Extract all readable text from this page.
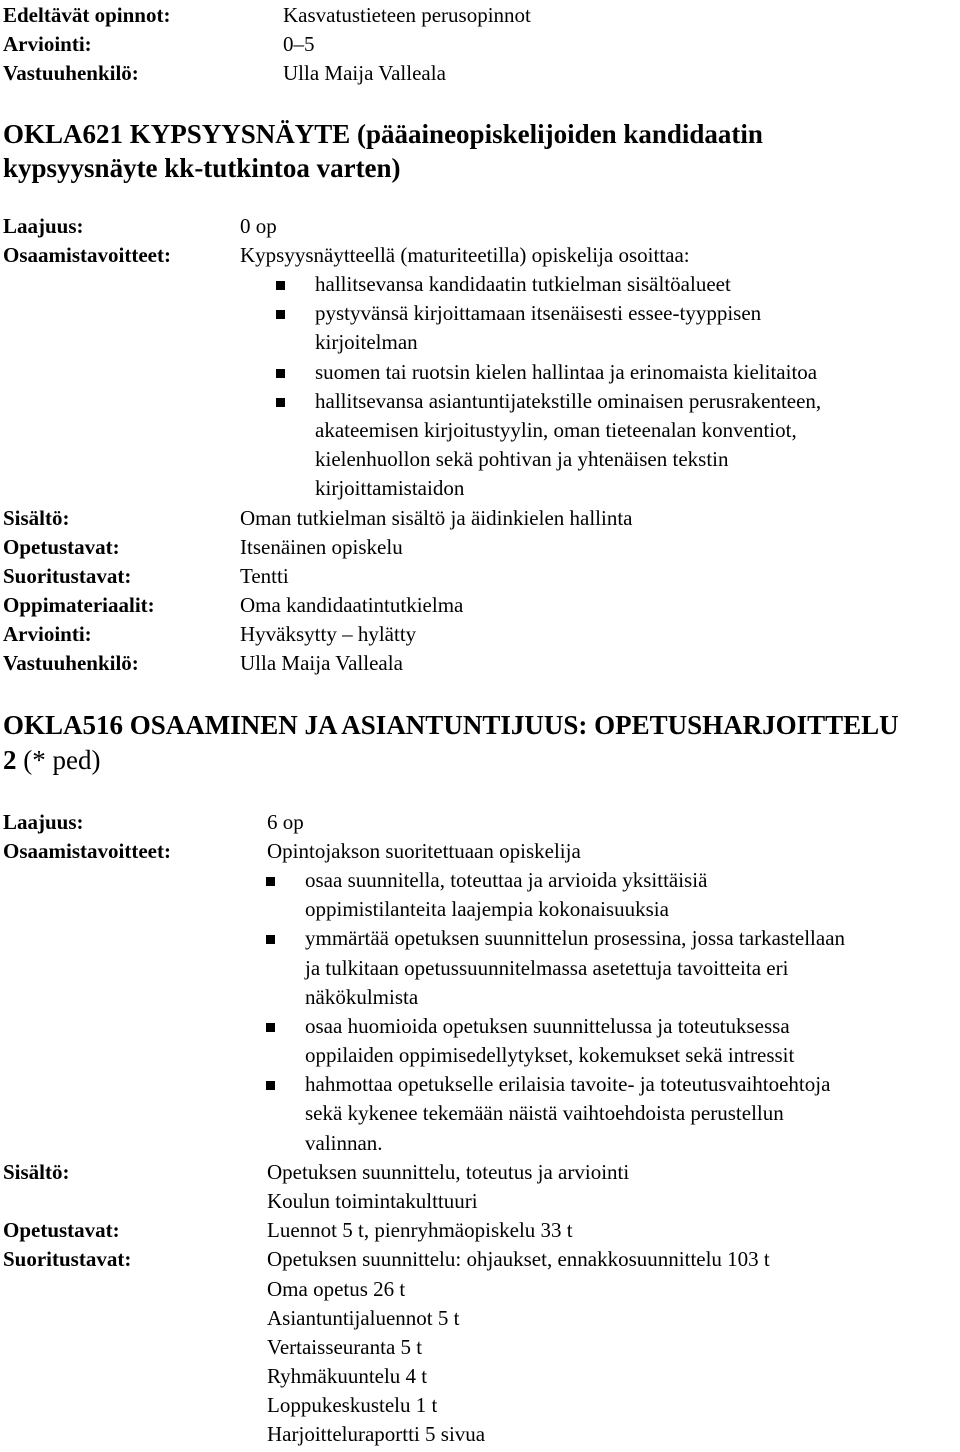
Edeltävät opinnot:	Kasvatustieteen perusopinnot
Arviointi:	0–5
Vastuuhenkilö:	Ulla Maija Valleala
OKLA621 KYPSYYSNÄYTE (pääaineopiskelijoiden kandidaatin
kypsyysnäyte kk-tutkintoa varten)
Laajuus:	0 op
Osaamistavoitteet:	Kypsyysnäytteellä (maturiteetilla) opiskelija osoittaa:
hallitsevansa kandidaatin tutkielman sisältöalueet
pystyvänsä kirjoittamaan itsenäisesti essee-tyyppisen
kirjoitelman
suomen tai ruotsin kielen hallintaa ja erinomaista kielitaitoa
hallitsevansa asiantuntijatekstille ominaisen perusrakenteen,
akateemisen kirjoitustyylin, oman tieteenalan konventiot,
kielenhuollon sekä pohtivan ja yhtenäisen tekstin
kirjoittamistaidon
Sisältö:	Oman tutkielman sisältö ja äidinkielen hallinta
Opetustavat:	Itsenäinen opiskelu
Suoritustavat:	Tentti
Oppimateriaalit:	Oma kandidaatintutkielma
Arviointi:	Hyväksytty – hylätty
Vastuuhenkilö:	Ulla Maija Valleala
OKLA516 OSAAMINEN JA ASIANTUNTIJUUS: OPETUSHARJOITTELU
2 (* ped)
Laajuus:	6 op
Osaamistavoitteet:	Opintojakson suoritettuaan opiskelija
osaa suunnitella, toteuttaa ja arvioida yksittäisiä
oppimistilanteita laajempia kokonaisuuksia
ymmärtää opetuksen suunnittelun prosessina, jossa tarkastellaan
ja tulkitaan opetussuunnitelmassa asetettuja tavoitteita eri
näkökulmista
osaa huomioida opetuksen suunnittelussa ja toteutuksessa
oppilaiden oppimisedellytykset, kokemukset sekä intressit
hahmottaa opetukselle erilaisia tavoite- ja toteutusvaihtoehtoja
sekä kykenee tekemään näistä vaihtoehdoista perustellun
valinnan.
Sisältö:	Opetuksen suunnittelu, toteutus ja arviointi
Koulun toimintakulttuuri
Opetustavat:	Luennot 5 t, pienryhmäopiskelu 33 t
Suoritustavat:	Opetuksen suunnittelu: ohjaukset, ennakkosuunnittelu 103 t
Oma opetus 26 t
Asiantuntijaluennot 5 t
Vertaisseuranta 5 t
Ryhmäkuuntelu 4 t
Loppukeskustelu 1 t
Harjoitteluraportti 5 sivua
